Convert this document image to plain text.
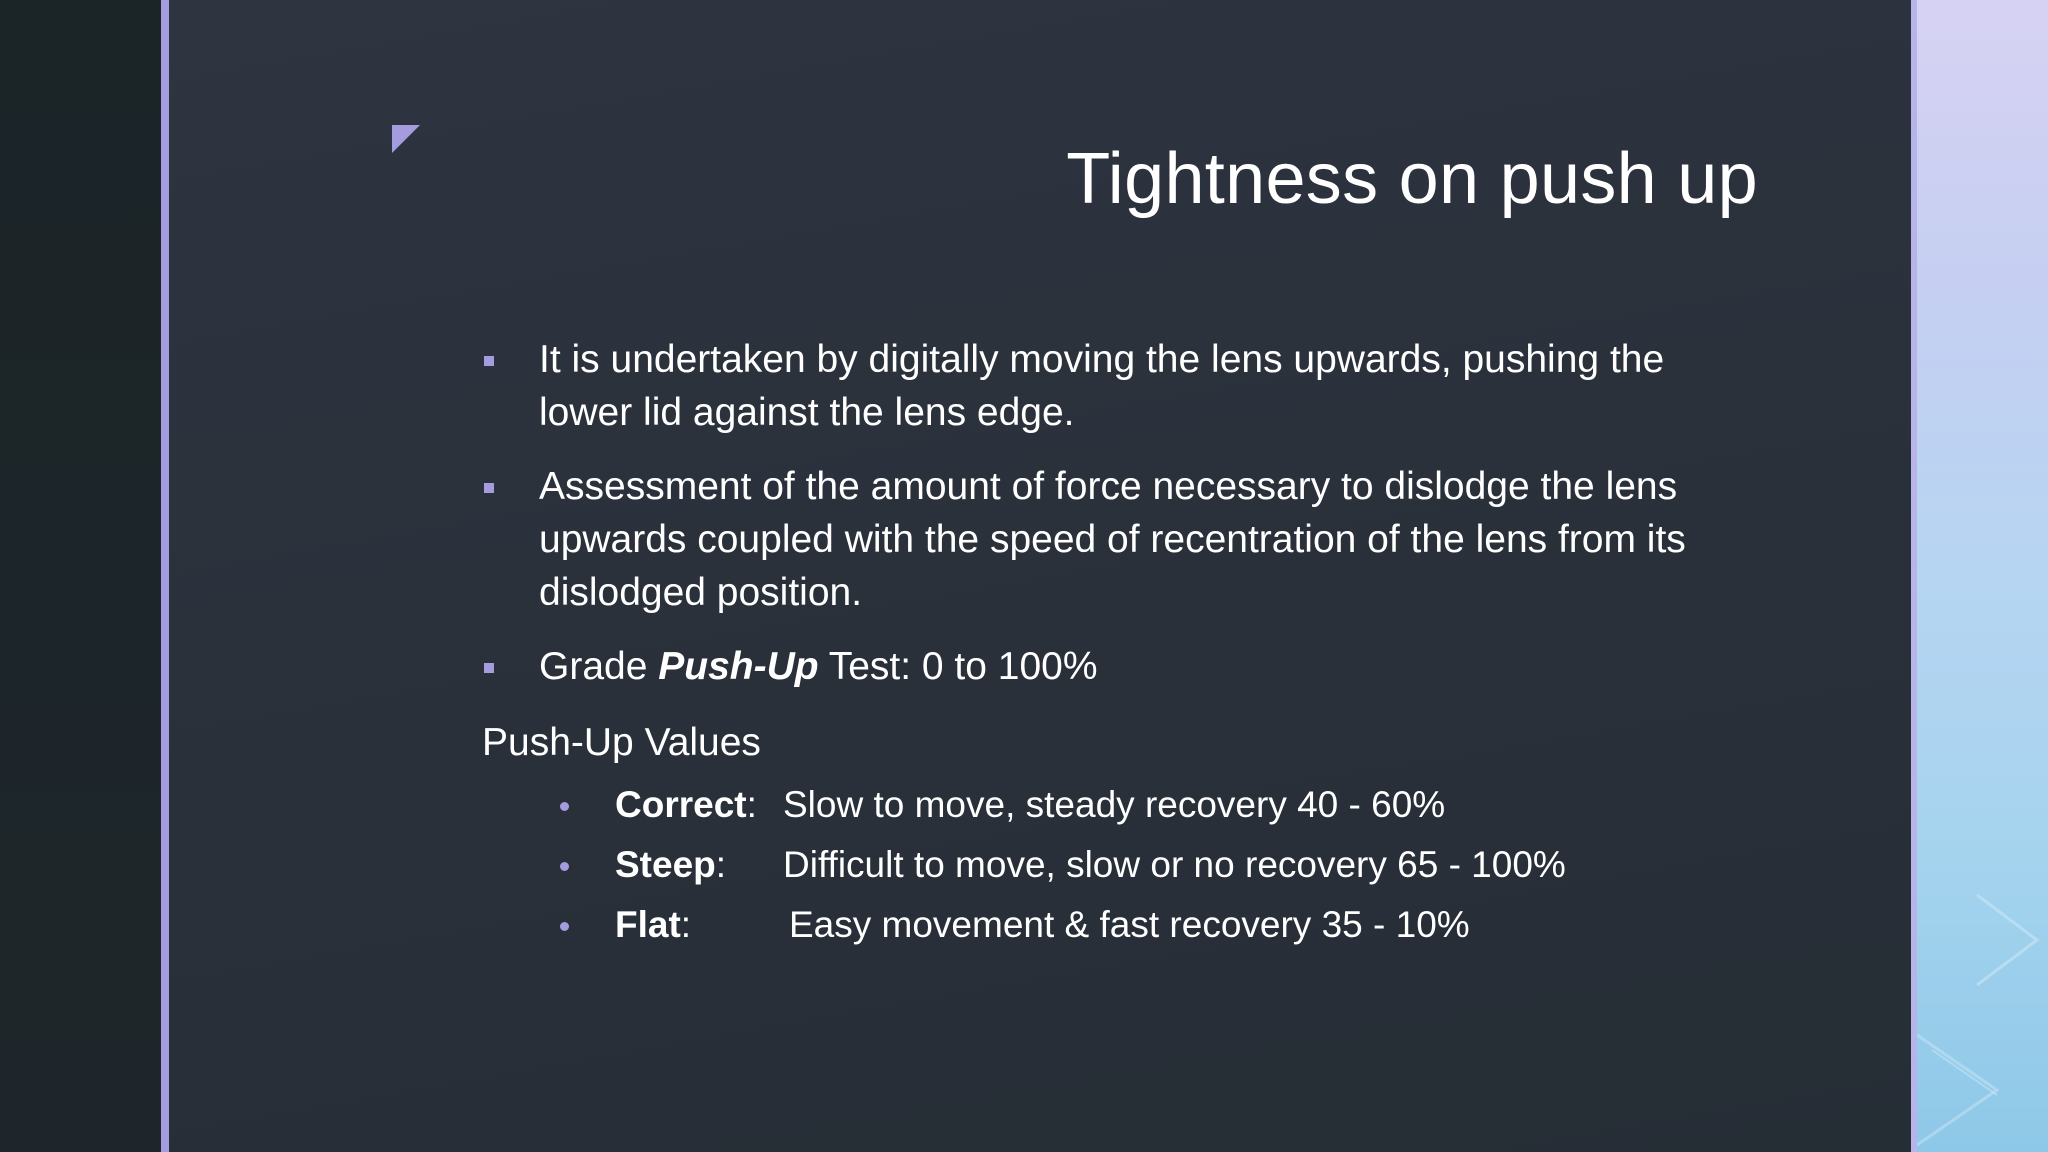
Tightness on push up
It is undertaken by digitally moving the lens upwards, pushing the lower lid against the lens edge.
Assessment of the amount of force necessary to dislodge the lens upwards coupled with the speed of recentration of the lens from its dislodged position.
Grade Push-Up Test: 0 to 100%
Push-Up Values
Correct: Slow to move, steady recovery 40 - 60%
Steep: Difficult to move, slow or no recovery 65 - 100%
Flat:	Easy movement & fast recovery 35 - 10%
